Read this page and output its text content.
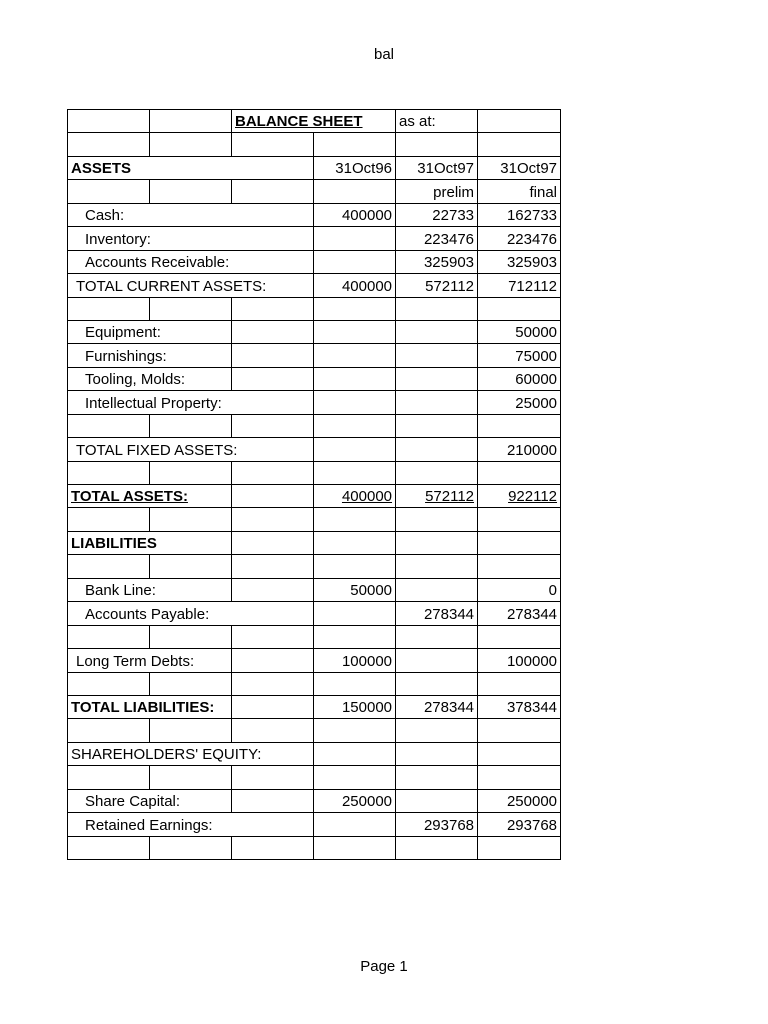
bal
		BALANCE SHEET		as at:	

ASSETS			31Oct96	31Oct97	31Oct97
				prelim	final
Cash:			400000	22733	162733
Inventory:				223476	223476
Accounts Receivable:				325903	325903
TOTAL CURRENT ASSETS:			400000	572112	712112

Equipment:					50000
Furnishings:					75000
Tooling, Molds:					60000
Intellectual Property:					25000

TOTAL FIXED ASSETS:					210000

TOTAL ASSETS:			400000	572112	922112

LIABILITIES					

Bank Line:			50000		0
Accounts Payable:				278344	278344

Long Term Debts:			100000		100000

TOTAL LIABILITIES:			150000	278344	378344

SHAREHOLDERS' EQUITY:					

Share Capital:			250000		250000
Retained Earnings:				293768	293768

Page 1
